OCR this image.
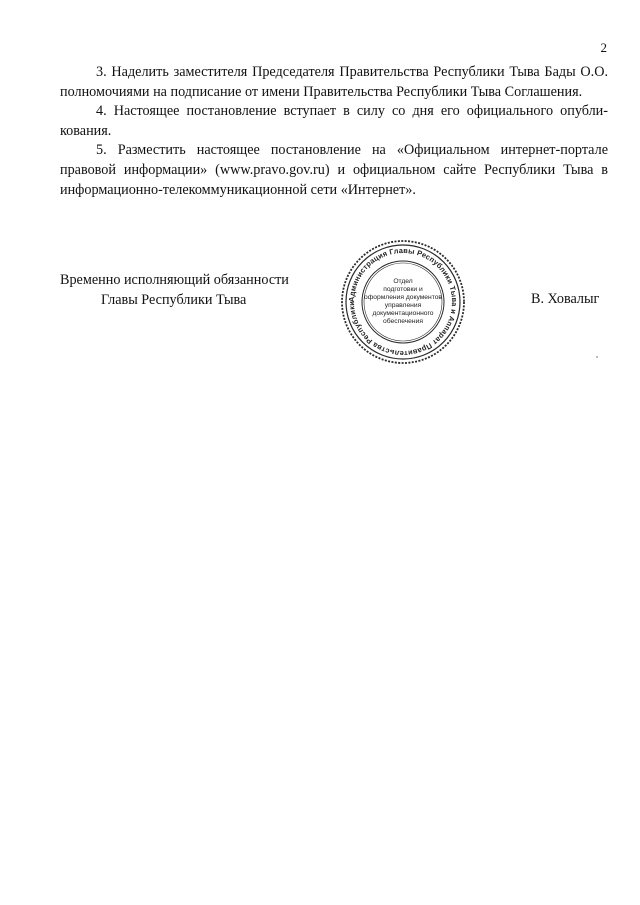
2

3. Наделить заместителя Председателя Правительства Республики Тыва Бады О.О. полномочиями на подписание от имени Правительства Республики Тыва Соглашения.

4. Настоящее постановление вступает в силу со дня его официального опубли-кования.

5. Разместить настоящее постановление на «Официальном интернет-портале правовой информации» (www.pravo.gov.ru) и официальном сайте Республики Тыва в информационно-телекоммуникационной сети «Интернет».

Временно исполняющий обязанности
Главы Республики Тыва	Администрация Главы Республики Тыва и Аппарат Правительства Республики
Отдел
подготовки и
оформления документов
управления
документационного
обеспечения
В. Ховалыг
